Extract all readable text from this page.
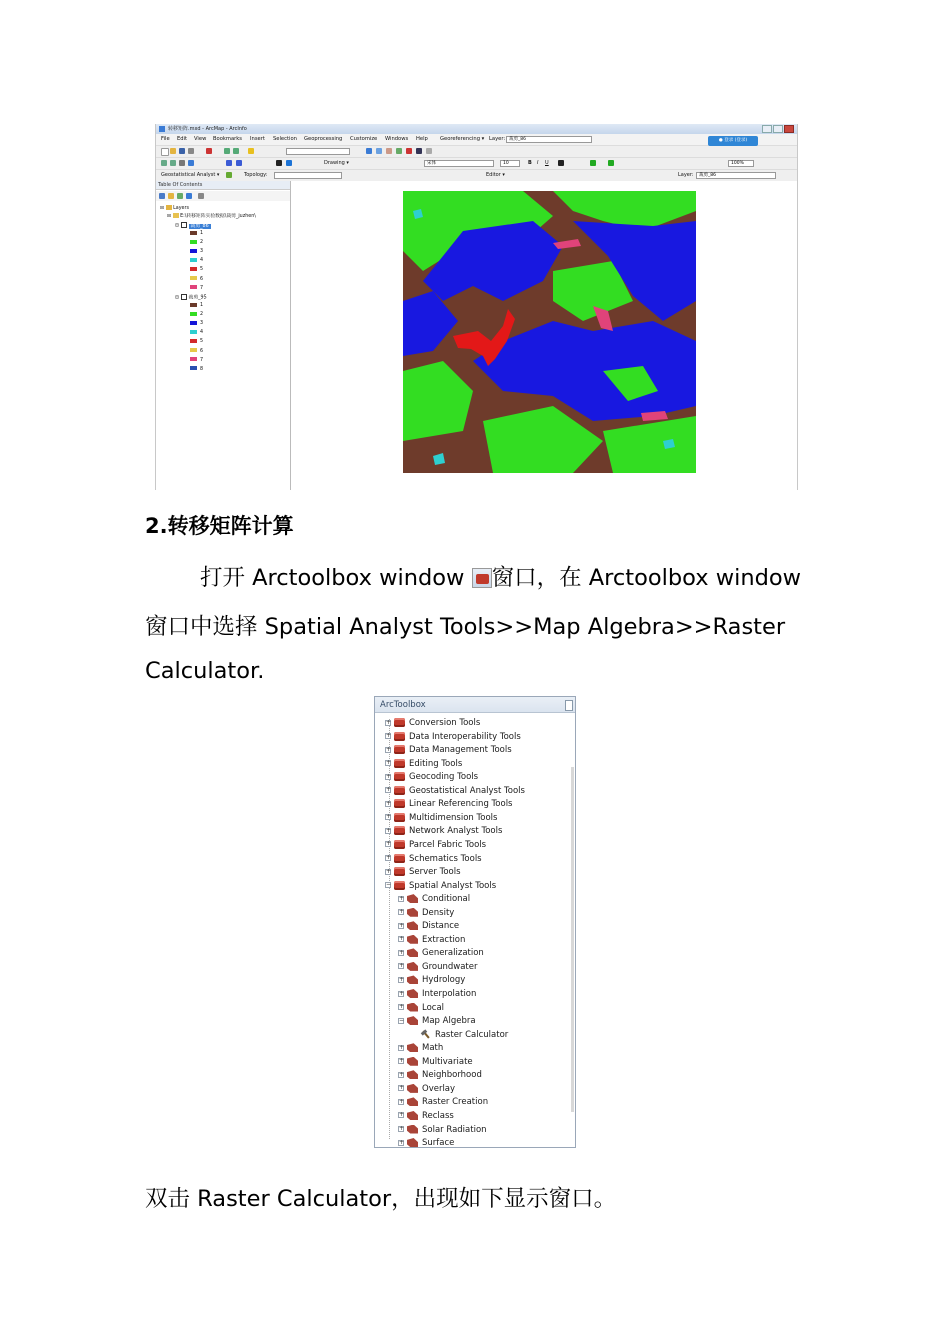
转移矩阵.mxd - ArcMap - ArcInfo
File Edit View Bookmarks Insert Selection Geoprocessing Customize Windows Help Georeferencing ▾ Layer: 裁剪_86
Drawing ▾	宋体	10	B I U	100%
Geostatistical Analyst ▾	Topology:	Editor ▾	Layer:	裁剪_86
● 登录 (登录)
Table Of Contents
⊟  Layers
⊟  E:\转移矩阵实验数据\裁剪_juzhen\
⊟ 裁剪_86
1
2
3
4
5
6
7
⊟ 裁剪_95
1
2
3
4
5
6
7
8
2.转移矩阵计算
打开 Arctoolbox window
窗口，在 Arctoolbox window
窗口中选择 Spatial Analyst Tools>>Map Algebra>>Raster
Calculator.
ArcToolbox
+ Conversion Tools
+ Data Interoperability Tools
+ Data Management Tools
+ Editing Tools
+ Geocoding Tools
+ Geostatistical Analyst Tools
+ Linear Referencing Tools
+ Multidimension Tools
+ Network Analyst Tools
+ Parcel Fabric Tools
+ Schematics Tools
+ Server Tools
− Spatial Analyst Tools
+ Conditional
+ Density
+ Distance
+ Extraction
+ Generalization
+ Groundwater
+ Hydrology
+ Interpolation
+ Local
− Map Algebra
Raster Calculator
+ Math
+ Multivariate
+ Neighborhood
+ Overlay
+ Raster Creation
+ Reclass
+ Solar Radiation
+ Surface
双击 Raster Calculator，出现如下显示窗口。
